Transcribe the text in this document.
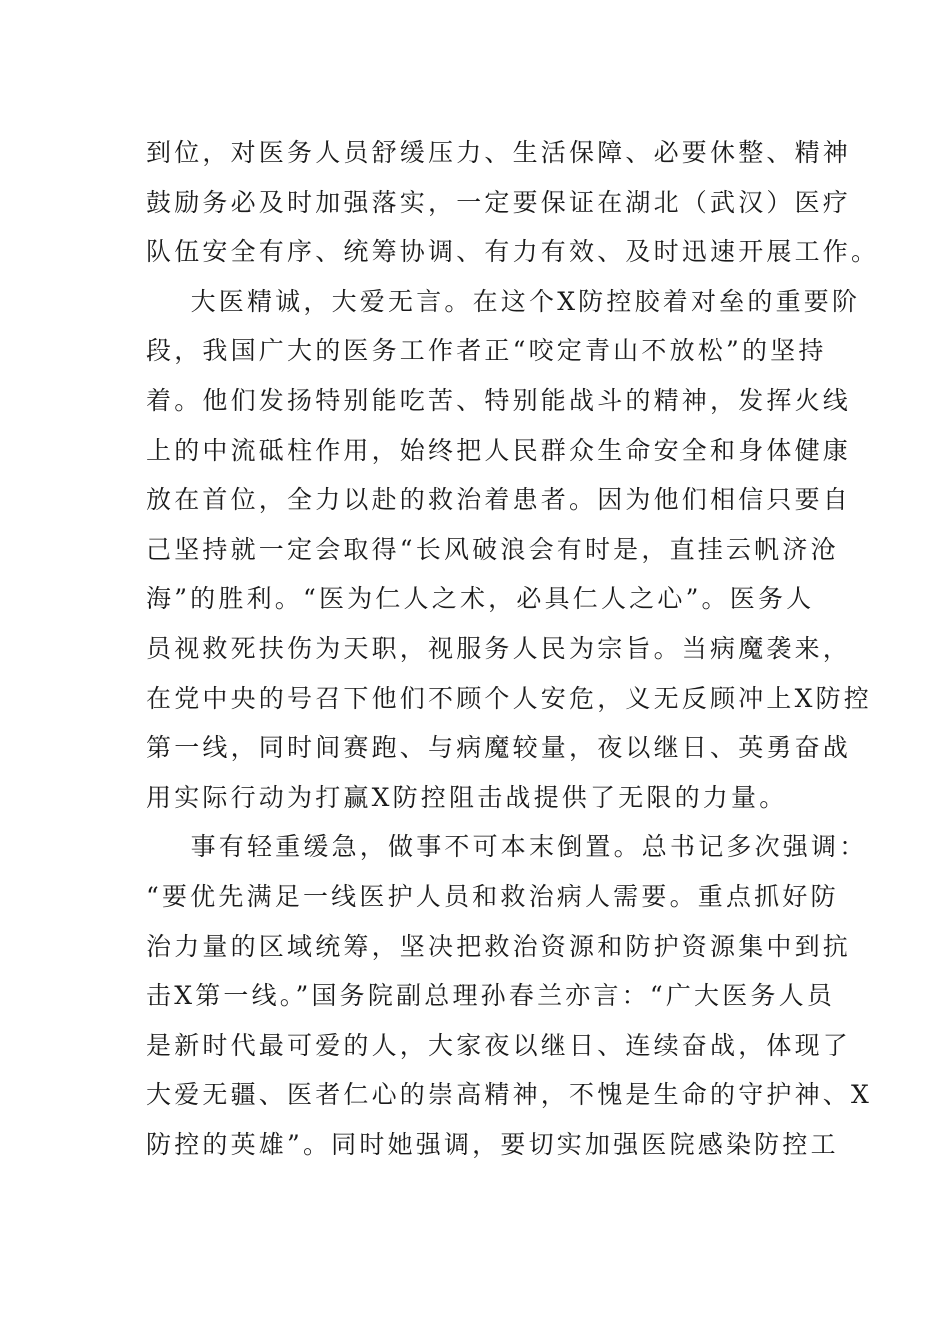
到位，对医务人员舒缓压力、生活保障、必要休整、精神
鼓励务必及时加强落实，一定要保证在湖北（武汉）医疗
队伍安全有序、统筹协调、有力有效、及时迅速开展工作。
大医精诚，大爱无言。在这个Ⅹ防控胶着对垒的重要阶
段，我国广大的医务工作者正“咬定青山不放松”的坚持
着。他们发扬特别能吃苦、特别能战斗的精神，发挥火线
上的中流砥柱作用，始终把人民群众生命安全和身体健康
放在首位，全力以赴的救治着患者。因为他们相信只要自
己坚持就一定会取得“长风破浪会有时是，直挂云帆济沧
海”的胜利。“医为仁人之术，必具仁人之心”。医务人
员视救死扶伤为天职，视服务人民为宗旨。当病魔袭来，
在党中央的号召下他们不顾个人安危，义无反顾冲上Ⅹ防控
第一线，同时间赛跑、与病魔较量，夜以继日、英勇奋战
用实际行动为打赢Ⅹ防控阻击战提供了无限的力量。
事有轻重缓急，做事不可本末倒置。总书记多次强调：
“要优先满足一线医护人员和救治病人需要。重点抓好防
治力量的区域统筹，坚决把救治资源和防护资源集中到抗
击Ⅹ第一线。”国务院副总理孙春兰亦言：“广大医务人员
是新时代最可爱的人，大家夜以继日、连续奋战，体现了
大爱无疆、医者仁心的崇高精神，不愧是生命的守护神、Ⅹ
防控的英雄”。同时她强调，要切实加强医院感染防控工
